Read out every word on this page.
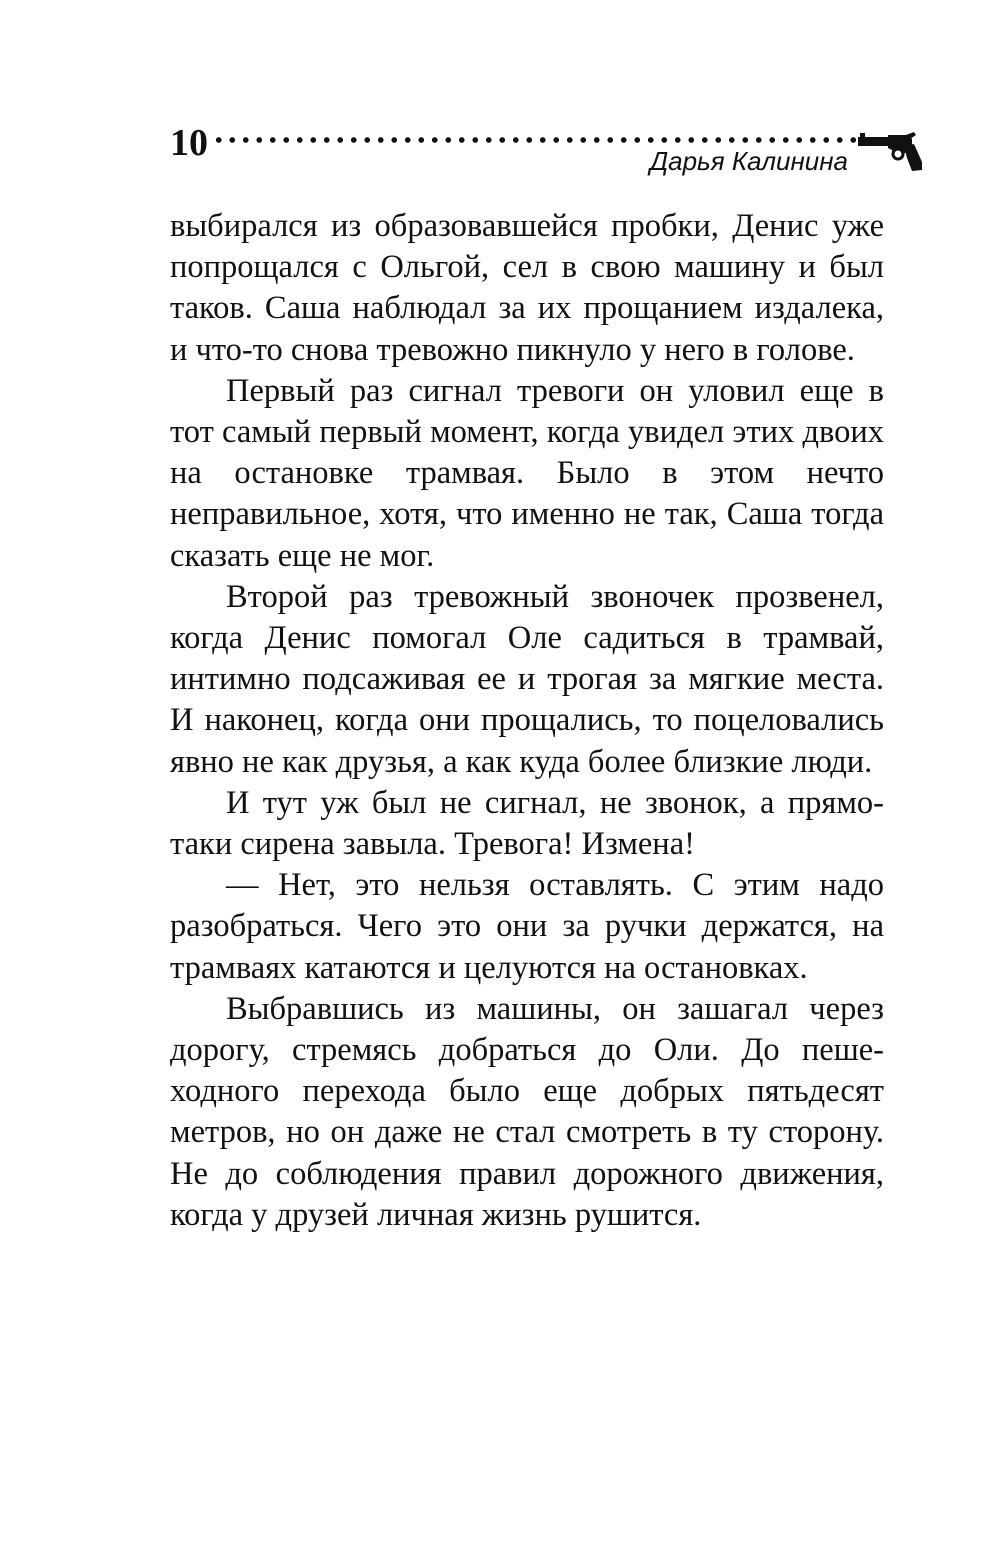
10	Дарья Калинина

выбирался из образовавшейся пробки, Денис уже попрощался с Ольгой, сел в свою машину и был таков. Саша наблюдал за их прощанием издалека, и что-то снова тревожно пикнуло у него в голове.

Первый раз сигнал тревоги он уловил еще в тот самый первый момент, когда увидел этих двоих на остановке трамвая. Было в этом нечто неправильное, хотя, что именно не так, Саша тогда сказать еще не мог.

Второй раз тревожный звоночек прозвенел, когда Денис помогал Оле садиться в трамвай, интимно подсаживая ее и трогая за мягкие места. И наконец, когда они прощались, то поцеловались явно не как друзья, а как куда более близкие люди.

И тут уж был не сигнал, не звонок, а прямотаки сирена завыла. Тревога! Измена!

— Нет, это нельзя оставлять. С этим надо разобраться. Чего это они за ручки держатся, на трамваях катаются и целуются на остановках.

Выбравшись из машины, он зашагал через дорогу, стремясь добраться до Оли. До пешеходного перехода было еще добрых пятьдесят метров, но он даже не стал смотреть в ту сторону. Не до соблюдения правил дорожного движения, когда у друзей личная жизнь рушится.
